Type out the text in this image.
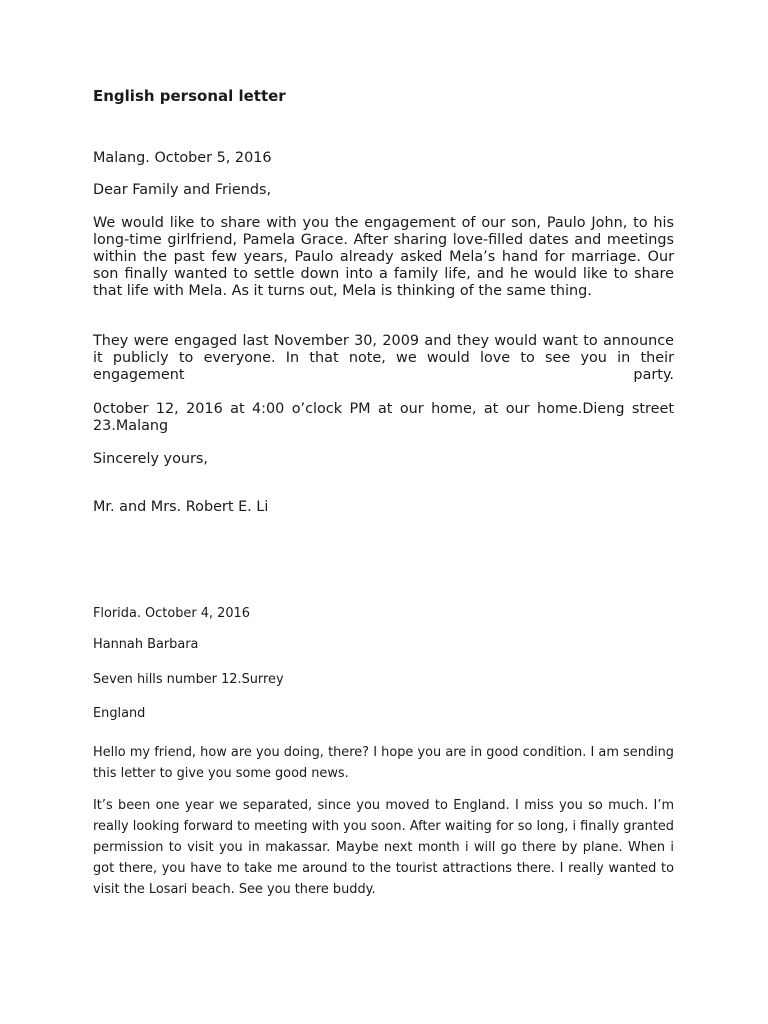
English personal letter

Malang. October 5, 2016

Dear Family and Friends,

We would like to share with you the engagement of our son, Paulo John, to his long-time girlfriend, Pamela Grace. After sharing love-filled dates and meetings within the past few years, Paulo already asked Mela’s hand for marriage. Our son finally wanted to settle down into a family life, and he would like to share that life with Mela. As it turns out, Mela is thinking of the same thing.

They were engaged last November 30, 2009 and they would want to announce it publicly to everyone. In that note, we would love to see you in their engagement party.

0ctober 12, 2016 at 4:00 o’clock PM at our home, at our home.Dieng street 23.Malang

Sincerely yours,

Mr. and Mrs. Robert E. Li

Florida. October 4, 2016

Hannah Barbara

Seven hills number 12.Surrey

England

Hello my friend, how are you doing, there? I hope you are in good condition. I am sending this letter to give you some good news.

It’s been one year we separated, since you moved to England. I miss you so much. I’m really looking forward to meeting with you soon. After waiting for so long, i finally granted permission to visit you in makassar. Maybe next month i will go there by plane. When i got there, you have to take me around to the tourist attractions there. I really wanted to visit the Losari beach. See you there buddy.
